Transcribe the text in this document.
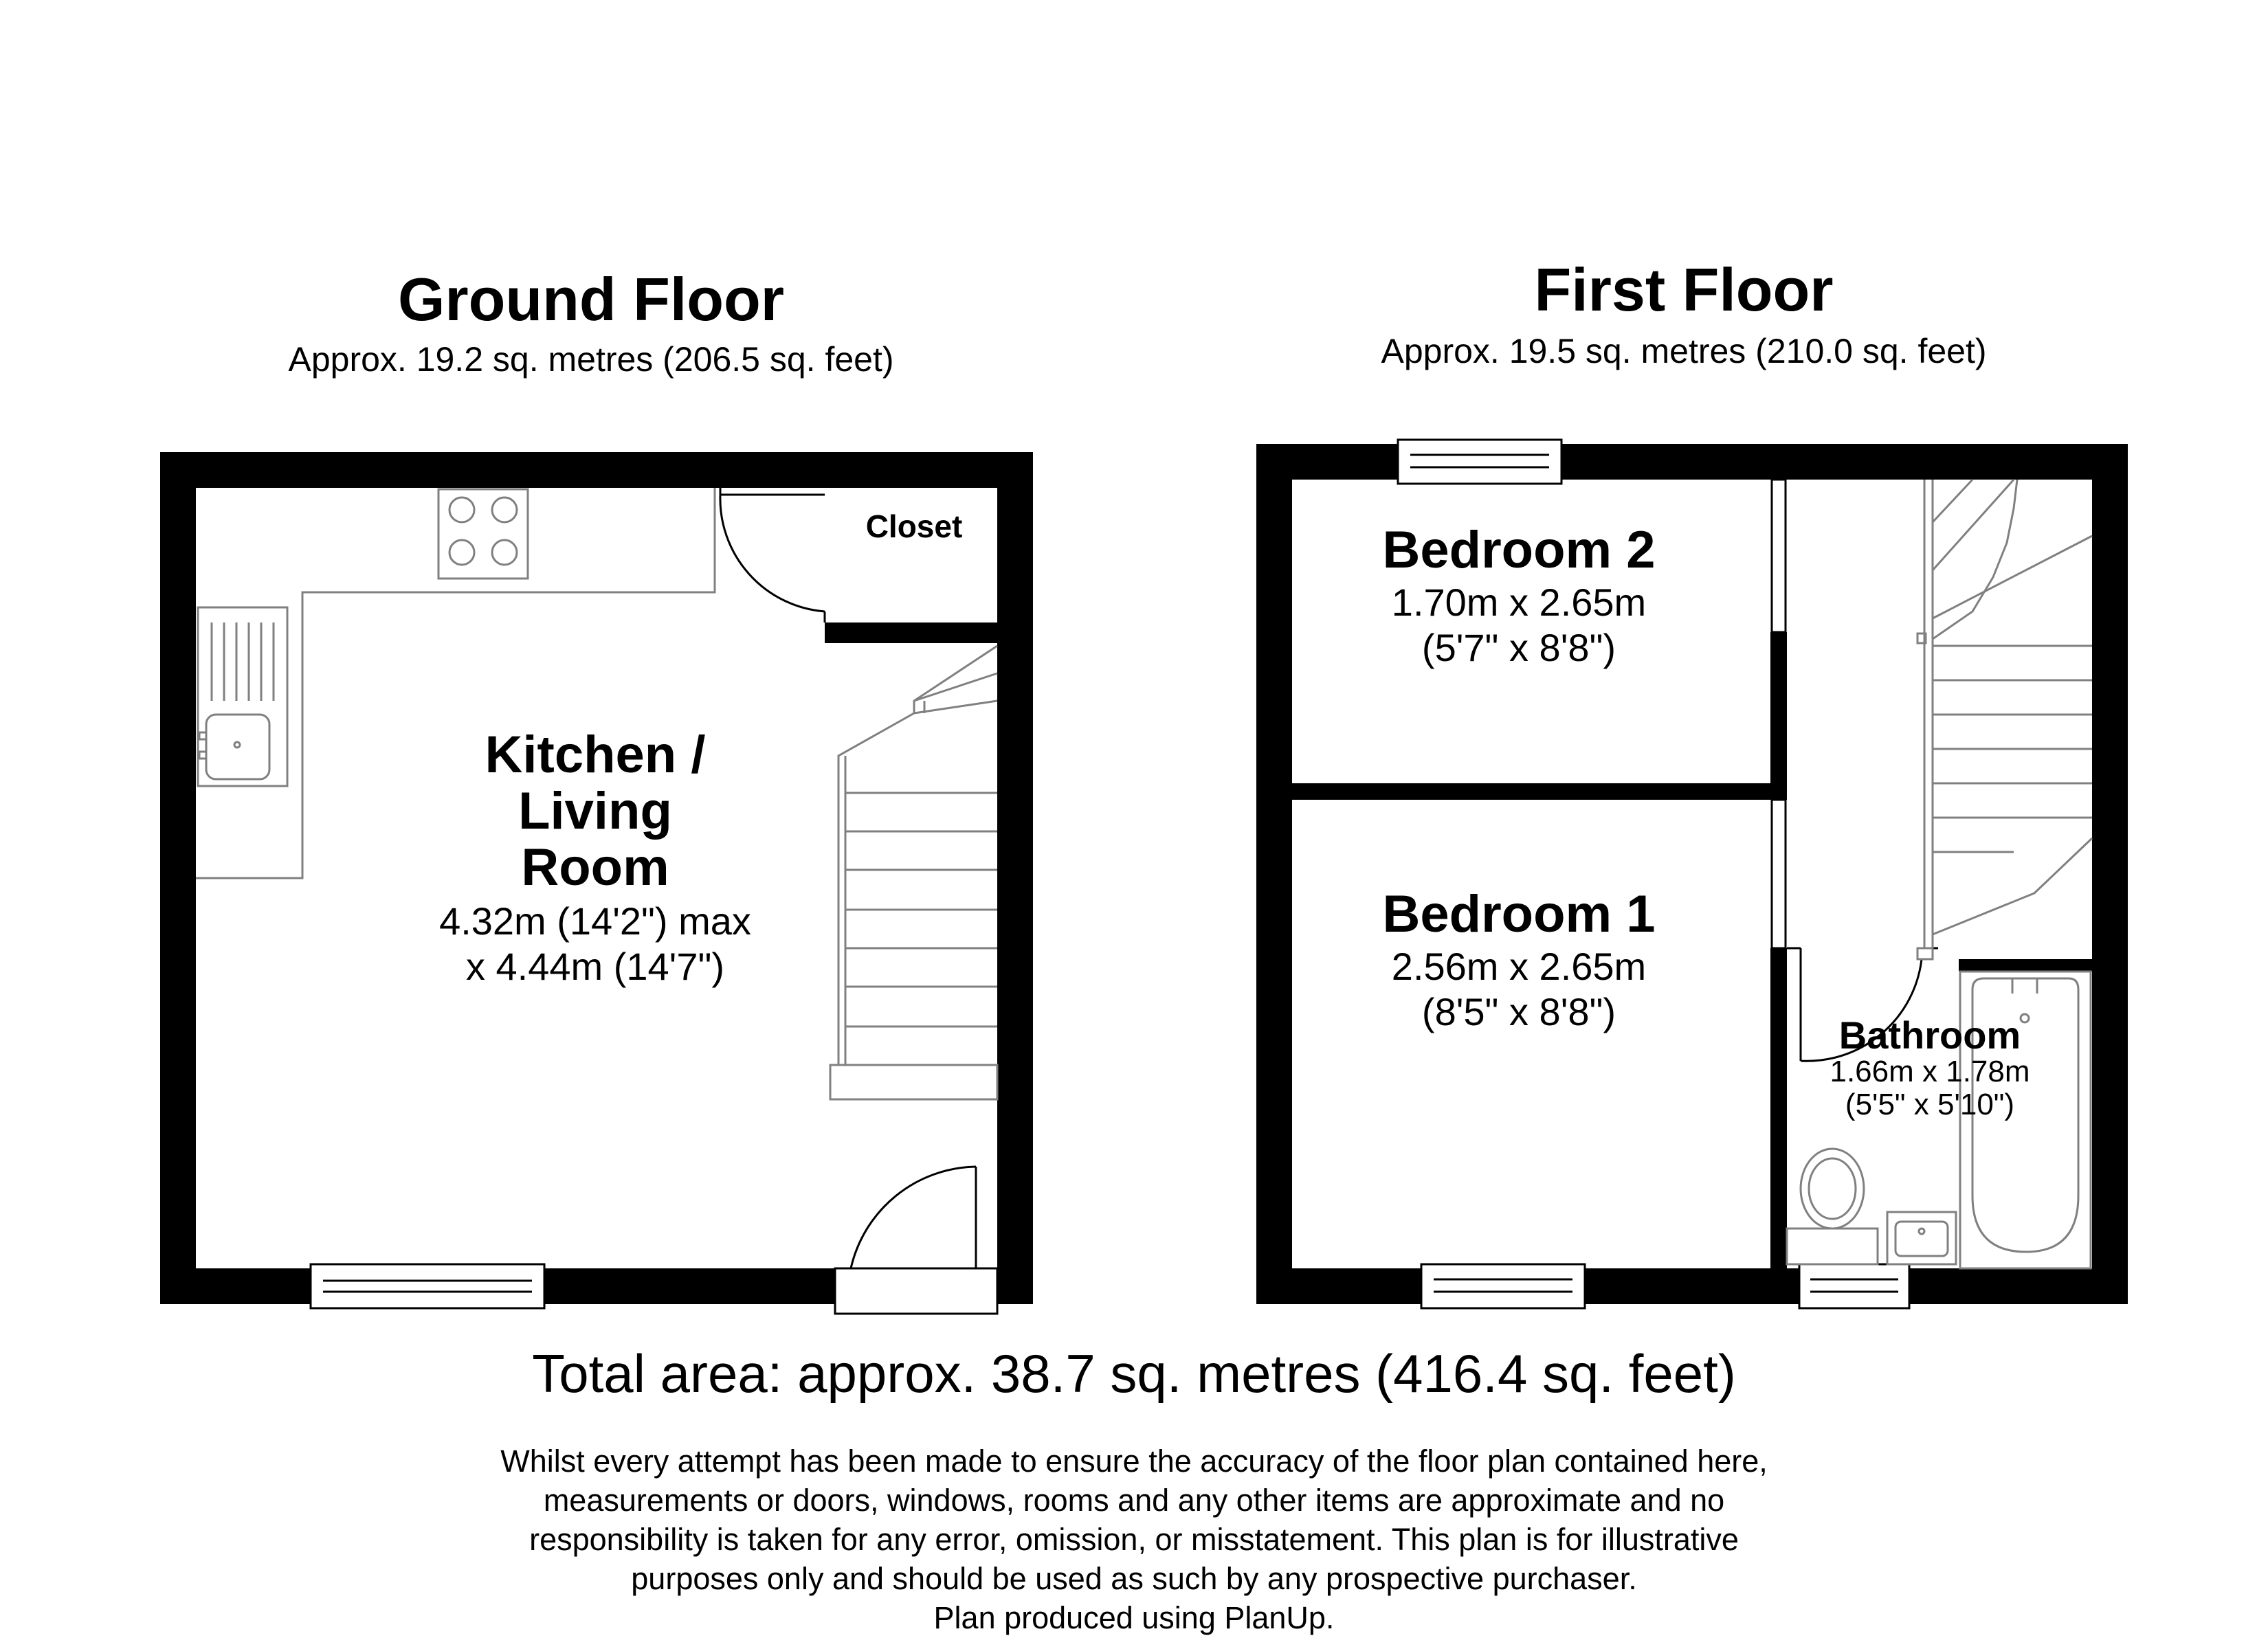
Ground Floor
Approx. 19.2 sq. metres (206.5 sq. feet)
First Floor
Approx. 19.5 sq. metres (210.0 sq. feet)
Closet
Kitchen /
Living
Room
4.32m (14'2") max
x 4.44m (14'7")
Bedroom 2
1.70m x 2.65m
(5'7" x 8'8")
Bedroom 1
2.56m x 2.65m
(8'5" x 8'8")
Bathroom
1.66m x 1.78m
(5'5" x 5'10")
Total area: approx. 38.7 sq. metres (416.4 sq. feet)
Whilst every attempt has been made to ensure the accuracy of the floor plan contained here,
measurements or doors, windows, rooms and any other items are approximate and no
responsibility is taken for any error, omission, or misstatement. This plan is for illustrative
purposes only and should be used as such by any prospective purchaser.
Plan produced using PlanUp.
